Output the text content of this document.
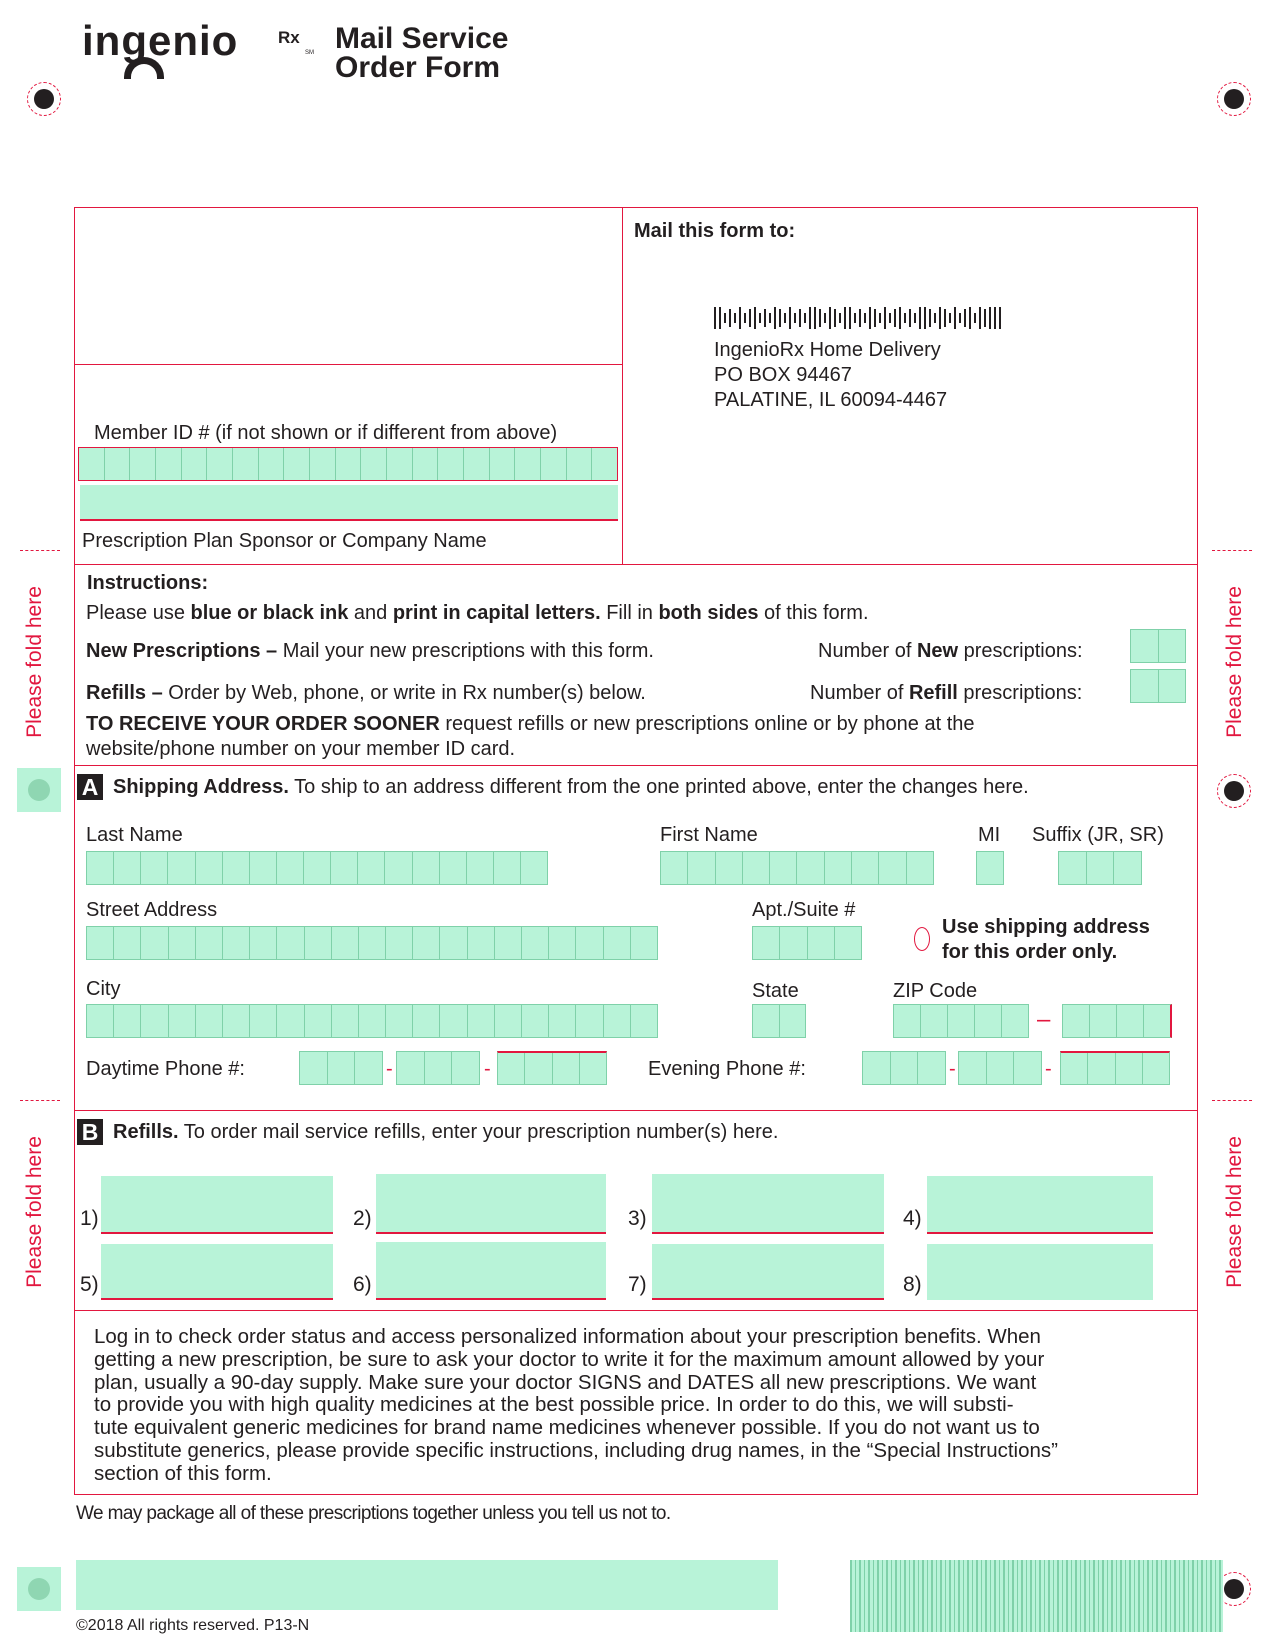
ingenio Rx
SM Mail Service
Order Form
Please fold here	Please fold here
Please fold here	Please fold here
Mail this form to:
IngenioRx Home Delivery
PO BOX 94467
PALATINE, IL 60094-4467
Member ID # (if not shown or if different from above)
Prescription Plan Sponsor or Company Name
Instructions:
Please use blue or black ink and print in capital letters. Fill in both sides of this form.
New Prescriptions – Mail your new prescriptions with this form.	Number of New prescriptions:
Refills – Order by Web, phone, or write in Rx number(s) below.	Number of Refill prescriptions:
TO RECEIVE YOUR ORDER SOONER request refills or new prescriptions online or by phone at the
website/phone number on your member ID card.
A Shipping Address. To ship to an address different from the one printed above, enter the changes here.
Last Name	First Name	MI Suffix (JR, SR)
Street Address	Apt./Suite #
Use shipping address
for this order only.
City	State	ZIP Code
–
Daytime Phone #:	-	-	Evening Phone #:	-	-
B Refills. To order mail service refills, enter your prescription number(s) here.
1)	2)	3)	4)
5)	6)	7)	8)
Log in to check order status and access personalized information about your prescription benefits. When
getting a new prescription, be sure to ask your doctor to write it for the maximum amount allowed by your
plan, usually a 90-day supply. Make sure your doctor SIGNS and DATES all new prescriptions. We want
to provide you with high quality medicines at the best possible price. In order to do this, we will substi-
tute equivalent generic medicines for brand name medicines whenever possible. If you do not want us to
substitute generics, please provide specific instructions, including drug names, in the “Special Instructions”
section of this form.
We may package all of these prescriptions together unless you tell us not to.
©2018 All rights reserved. P13-N
